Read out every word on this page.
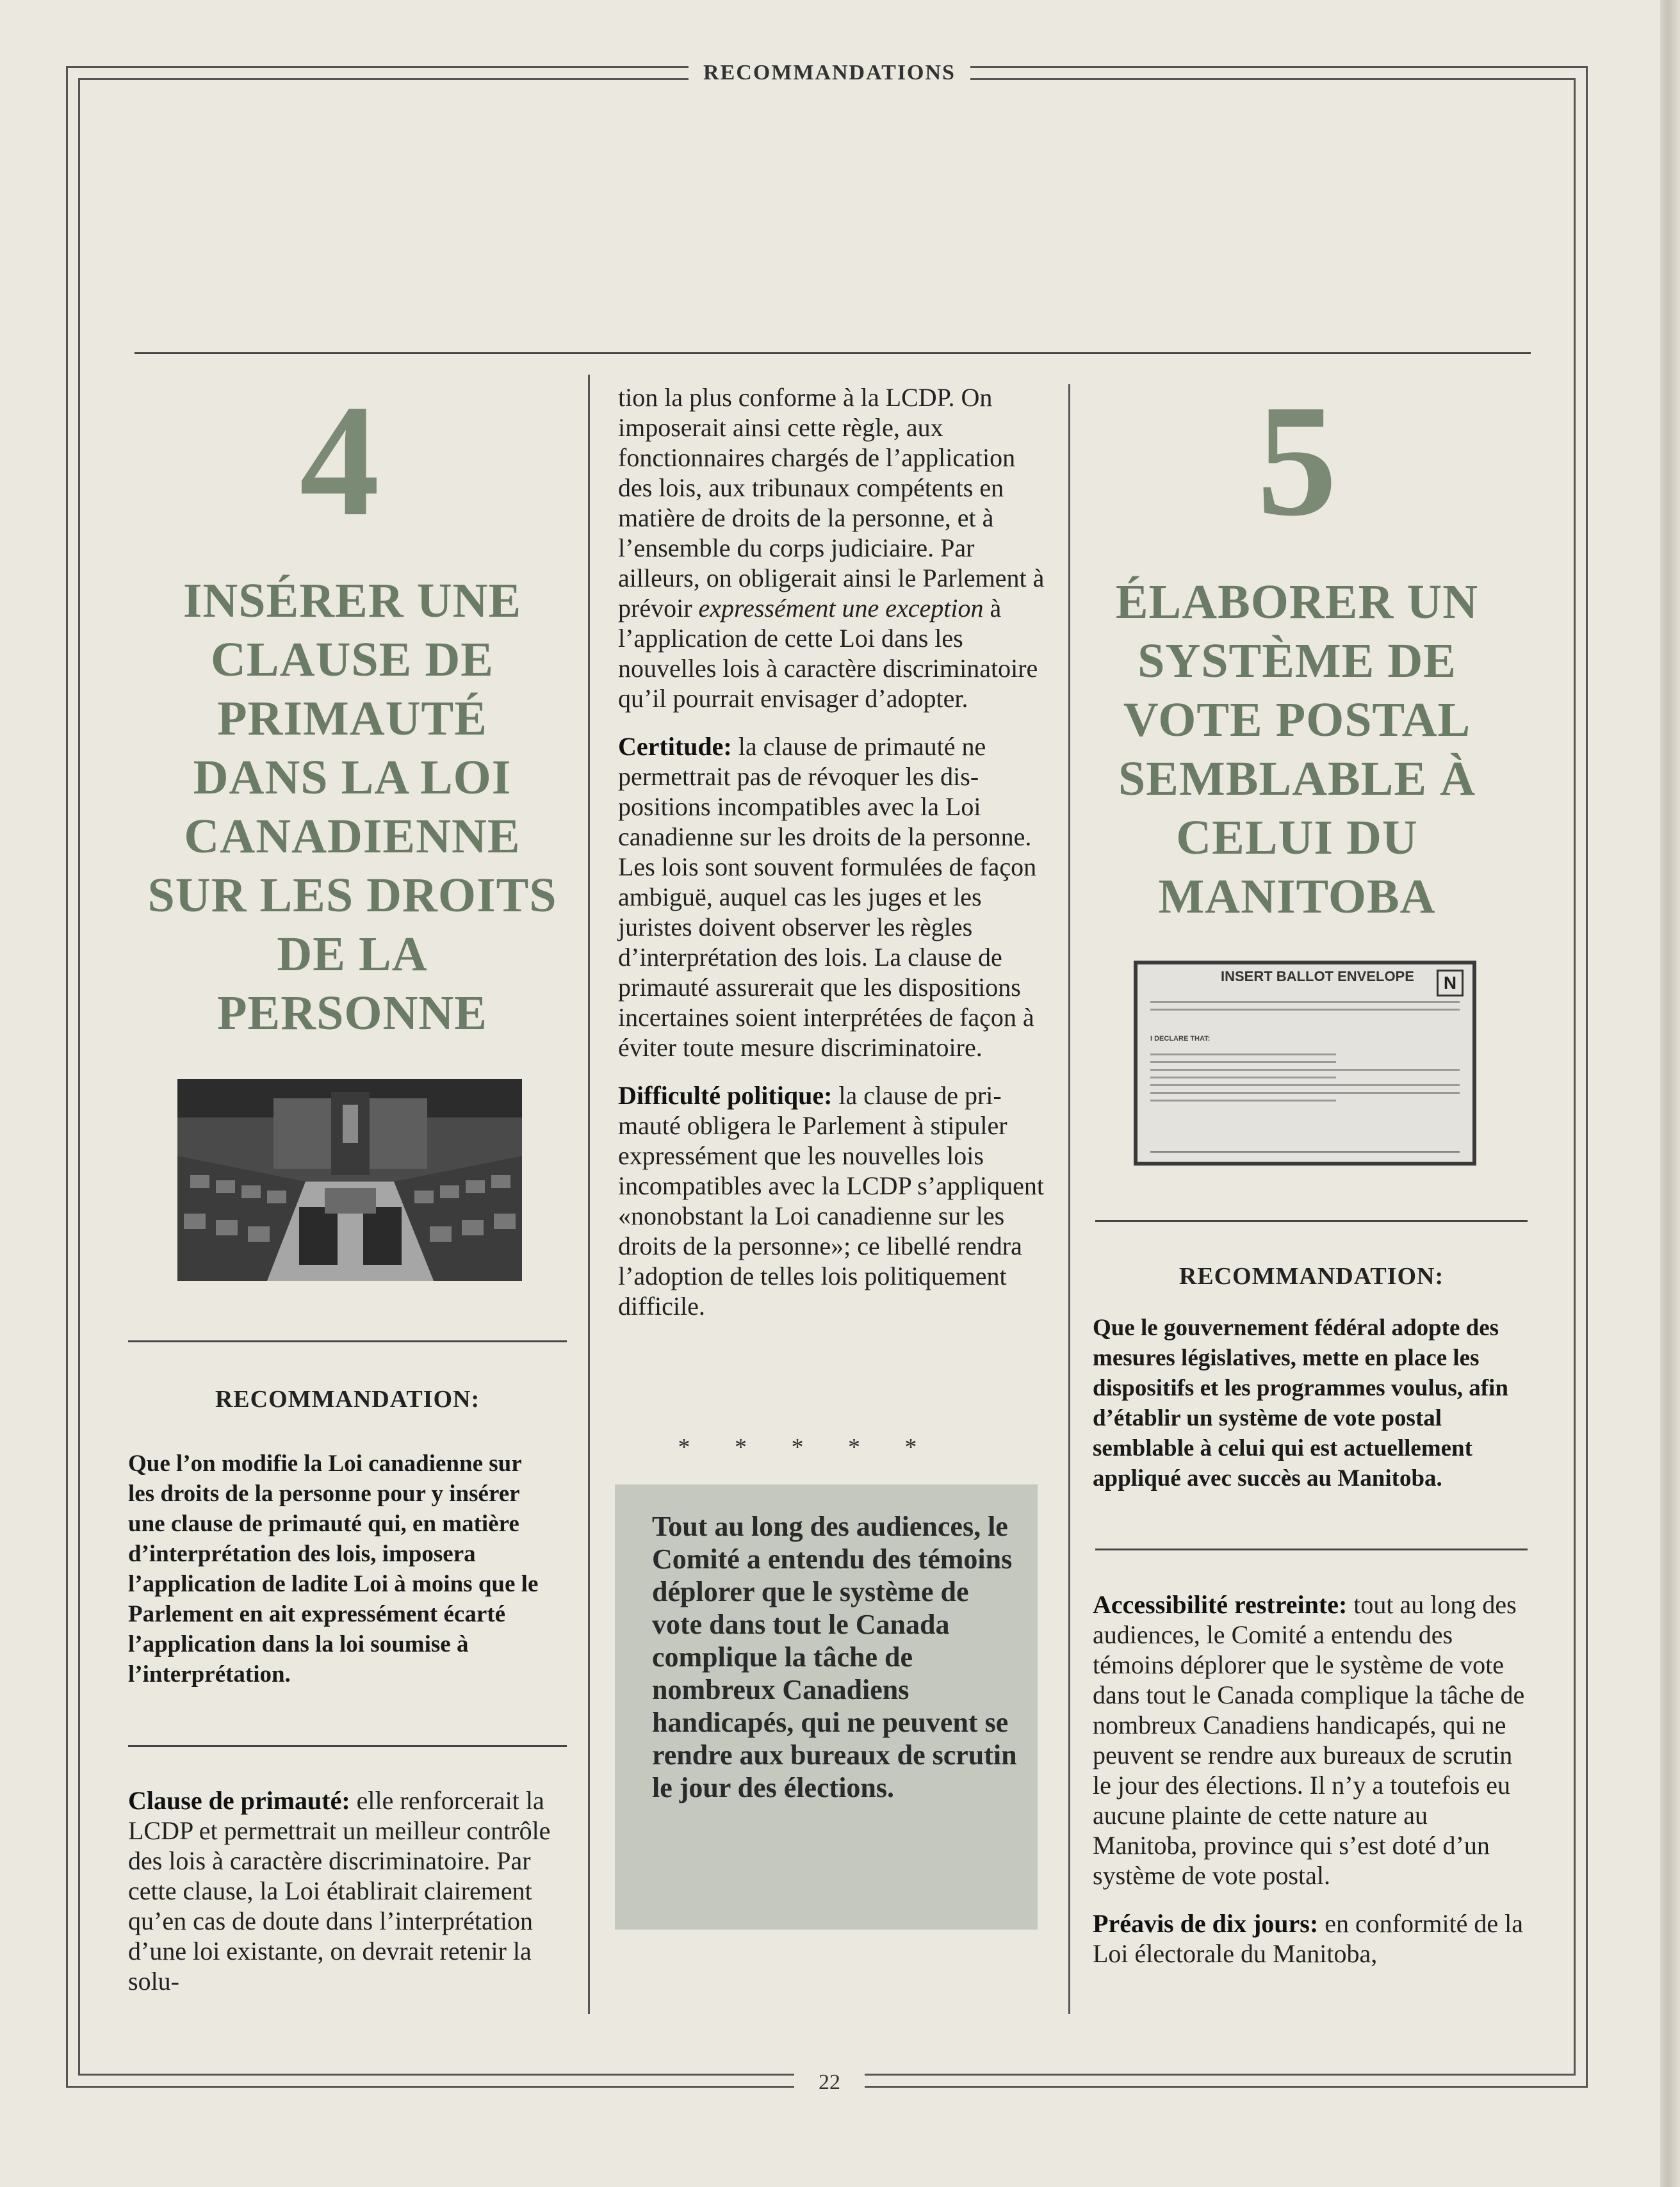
RECOMMANDATIONS
22
4
INSÉRER UNE
CLAUSE DE
PRIMAUTÉ
DANS LA LOI
CANADIENNE
SUR LES DROITS
DE LA
PERSONNE
RECOMMANDATION:
Que l’on modifie la Loi canadienne sur les droits de la personne pour y insérer une clause de primauté qui, en matière d’interprétation des lois, imposera l’application de ladite Loi à moins que le Parlement en ait expressément écarté l’application dans la loi soumise à l’interprétation.
Clause de primauté: elle renforcerait la LCDP et permettrait un meilleur contrôle des lois à caractère discriminatoire. Par cette clause, la Loi établirait clairement qu’en cas de doute dans l’interprétation d’une loi existante, on devrait retenir la solu-

tion la plus conforme à la LCDP. On imposerait ainsi cette règle, aux fonctionnaires chargés de l’application des lois, aux tribunaux compétents en matière de droits de la personne, et à l’ensemble du corps judiciaire. Par ailleurs, on obligerait ainsi le Parlement à prévoir expressément une exception à l’application de cette Loi dans les nouvelles lois à caractère discriminatoire qu’il pourrait envisager d’adopter.

Certitude: la clause de primauté ne permettrait pas de révoquer les dispositions incompatibles avec la Loi canadienne sur les droits de la personne. Les lois sont souvent formulées de façon ambiguë, auquel cas les juges et les juristes doivent observer les règles d’interprétation des lois. La clause de primauté assurerait que les dispositions incertaines soient interprétées de façon à éviter toute mesure discriminatoire.

Difficulté politique: la clause de primauté obligera le Parlement à stipuler expressément que les nouvelles lois incompatibles avec la LCDP s’appliquent «nonobstant la Loi canadienne sur les droits de la personne»; ce libellé rendra l’adoption de telles lois politiquement difficile.

* * * * *
Tout au long des audiences, le Comité a entendu des témoins déplorer que le système de vote dans tout le Canada complique la tâche de nombreux Canadiens handicapés, qui ne peuvent se rendre aux bureaux de scrutin le jour des élections.
5
ÉLABORER UN
SYSTÈME DE
VOTE POSTAL
SEMBLABLE À
CELUI DU
MANITOBA
INSERT BALLOT ENVELOPE	N
I DECLARE THAT:
RECOMMANDATION:
Que le gouvernement fédéral adopte des mesures législatives, mette en place les dispositifs et les programmes voulus, afin d’établir un système de vote postal semblable à celui qui est actuellement appliqué avec succès au Manitoba.

Accessibilité restreinte: tout au long des audiences, le Comité a entendu des témoins déplorer que le système de vote dans tout le Canada complique la tâche de nombreux Canadiens handicapés, qui ne peuvent se rendre aux bureaux de scrutin le jour des élections. Il n’y a toutefois eu aucune plainte de cette nature au Manitoba, province qui s’est doté d’un système de vote postal.

Préavis de dix jours: en conformité de la Loi électorale du Manitoba,
